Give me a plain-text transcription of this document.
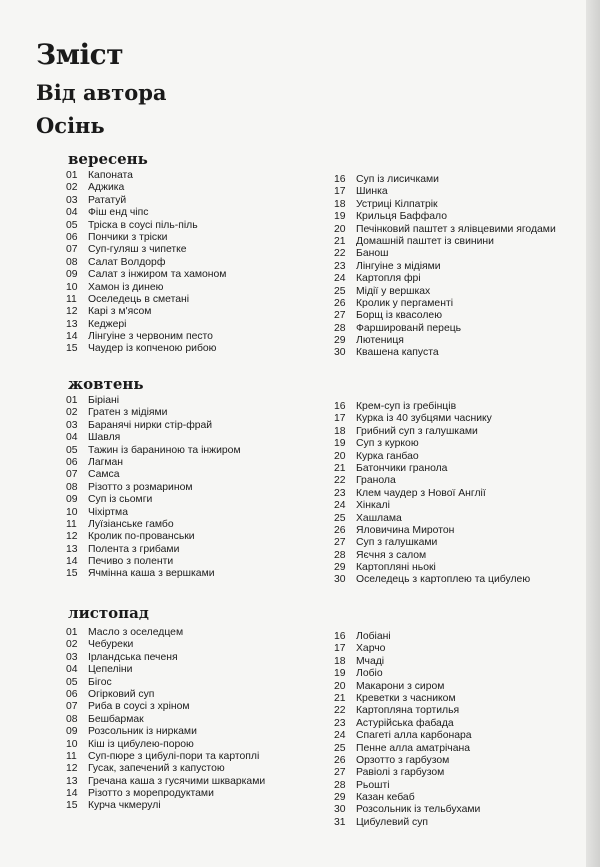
Зміст
Від автора
Осінь
вересень
01	Капоната
02	Аджика
03	Рататуй
04	Фіш енд чіпс
05	Тріска в соусі піль-піль
06	Пончики з тріски
07	Суп-гуляш з чипетке
08	Салат Волдорф
09	Салат з інжиром та хамоном
10	Хамон із динею
11	Оселедець в сметані
12	Карі з м'ясом
13	Кеджері
14	Лінгуіне з червоним песто
15	Чаудер із копченою рибою
16	Суп із лисичками
17	Шинка
18	Устриці Кілпатрік
19	Крильця Баффало
20	Печінковий паштет з ялівцевими ягодами
21	Домашній паштет із свинини
22	Банош
23	Лінгуіне з мідіями
24	Картопля фрі
25	Мідії у вершках
26	Кролик у пергаменті
27	Борщ із квасолею
28	Фаршированй перець
29	Лютениця
30	Квашена капуста
жовтень
01	Біріані
02	Гратен з мідіями
03	Баранячі нирки стір-фрай
04	Шавля
05	Тажин із бараниною та інжиром
06	Лагман
07	Самса
08	Різотто з розмарином
09	Суп із сьомги
10	Чіхіртма
11	Луїзіанське гамбо
12	Кролик по-прованськи
13	Полента з грибами
14	Печиво з поленти
15	Ячмінна каша з вершками
16	Крем-суп із гребінців
17	Курка із 40 зубцями часнику
18	Грибний суп з галушками
19	Суп з куркою
20	Курка ганбао
21	Батончики гранола
22	Гранола
23	Клем чаудер з Нової Англії
24	Хінкалі
25	Хашлама
26	Яловичина Миротон
27	Суп з галушками
28	Яєчня з салом
29	Картопляні ньокі
30	Оселедець з картоплею та цибулею
листопад
01	Масло з оселедцем
02	Чебуреки
03	Ірландська печеня
04	Цепеліни
05	Бігос
06	Огірковий суп
07	Риба в соусі з хріном
08	Бешбармак
09	Розсольник із нирками
10	Кіш із цибулею-порою
11	Суп-пюре з цибулі-пори та картоплі
12	Гусак, запечений з капустою
13	Гречана каша з гусячими шкварками
14	Різотто з морепродуктами
15	Курча чкмерулі
16	Лобіані
17	Харчо
18	Мчаді
19	Лобіо
20	Макарони з сиром
21	Креветки з часником
22	Картопляна тортилья
23	Астурійська фабада
24	Спагеті алла карбонара
25	Пенне алла аматрічана
26	Орзотто з гарбузом
27	Равіолі з гарбузом
28	Рьошті
29	Казан кебаб
30	Розсольник із тельбухами
31	Цибулевий суп
